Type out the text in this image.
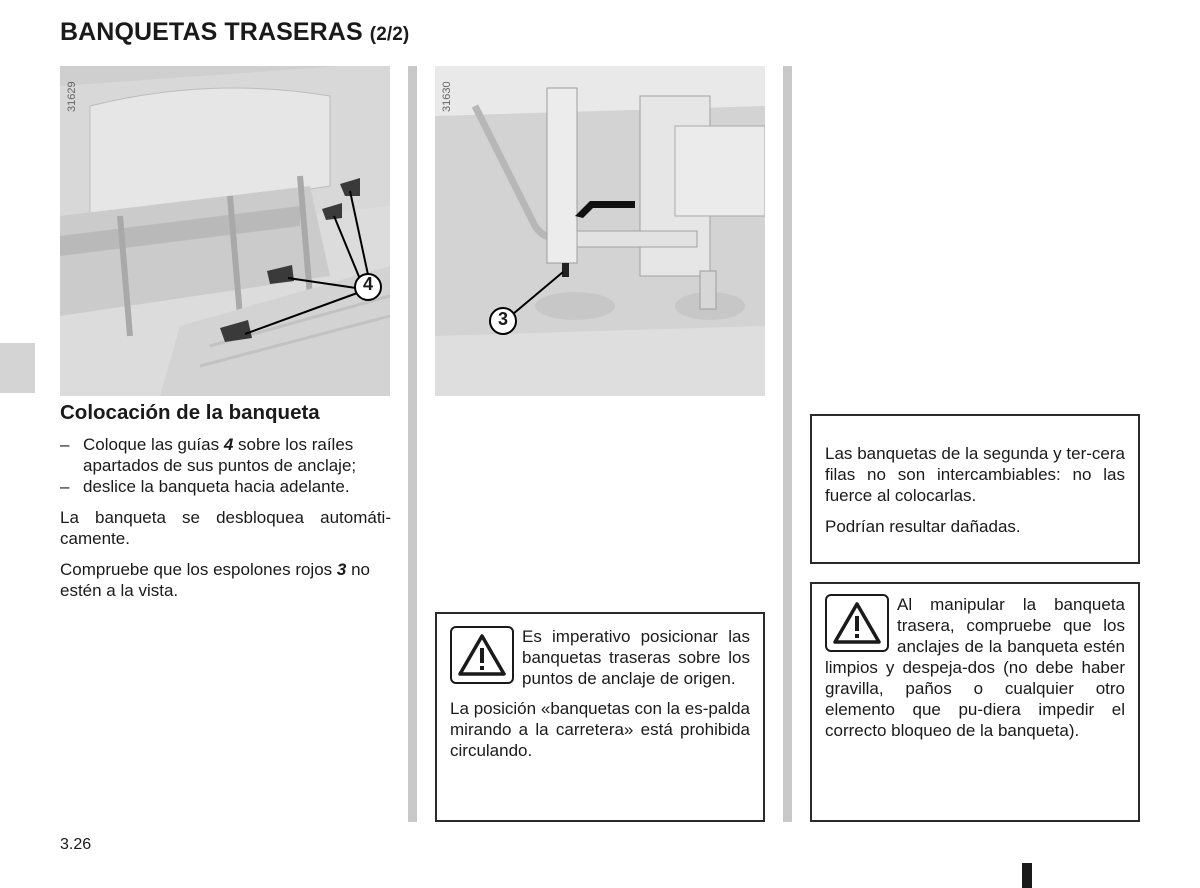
BANQUETAS TRASERAS (2/2)
4
31629
3
31630
Colocación de la banqueta
– Coloque las guías 4 sobre los raíles apartados de sus puntos de anclaje;
– deslice la banqueta hacia adelante.

La banqueta se desbloquea automáti-camente.

Compruebe que los espolones rojos 3 no estén a la vista.

Es imperativo posicionar las banquetas traseras sobre los puntos de anclaje de origen.

La posición «banquetas con la es-palda mirando a la carretera» está prohibida circulando.

Las banquetas de la segunda y ter-cera filas no son intercambiables: no las fuerce al colocarlas.

Podrían resultar dañadas.

Al manipular la banqueta trasera, compruebe que los anclajes de la banqueta estén limpios y despeja-dos (no debe haber gravilla, paños o cualquier otro elemento que pu-diera impedir el correcto bloqueo de la banqueta).

3.26
